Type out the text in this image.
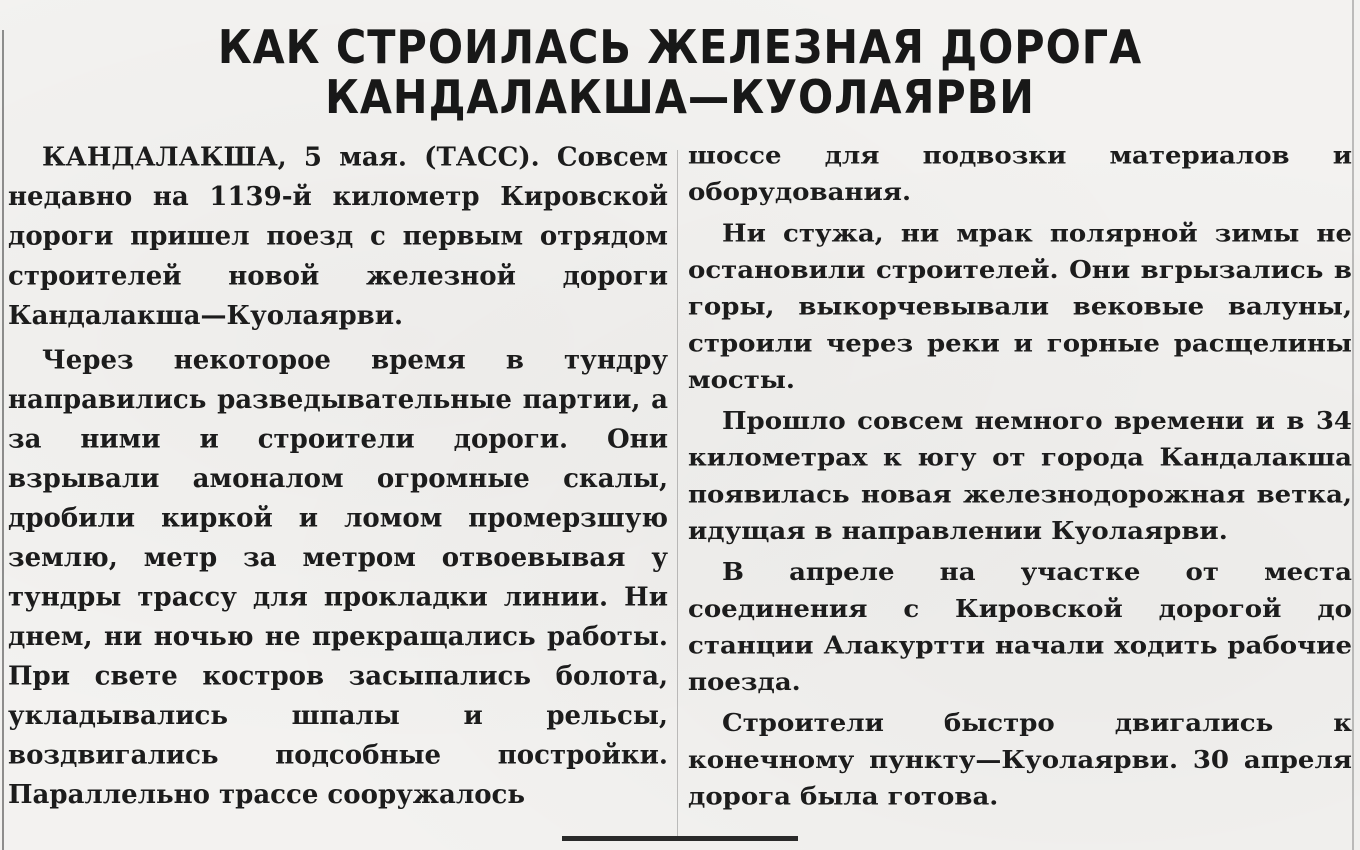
КАК СТРОИЛАСЬ ЖЕЛЕЗНАЯ ДОРОГА
КАНДАЛАКША—КУОЛАЯРВИ

КАНДАЛАКША, 5 мая. (ТАСС). Совсем недавно на 1139-й километр Кировской дороги пришел поезд с первым отрядом строителей новой железной дороги Кандалакша—Куолаярви.

Через некоторое время в тундру направились разведывательные партии, а за ними и строители дороги. Они взрывали амоналом огромные скалы, дробили киркой и ломом промерзшую землю, метр за метром отвоевывая у тундры трассу для прокладки линии. Ни днем, ни ночью не прекращались работы. При свете костров засыпались болота, укладывались шпалы и рельсы, воздвигались подсобные постройки. Параллельно трассе сооружалось

шоссе для подвозки материалов и оборудования.

Ни стужа, ни мрак полярной зимы не остановили строителей. Они вгрызались в горы, выкорчевывали вековые валуны, строили через реки и горные расщелины мосты.

Прошло совсем немного времени и в 34 километрах к югу от города Кандалакша появилась новая железнодорожная ветка, идущая в направлении Куолаярви.

В апреле на участке от места соединения с Кировской дорогой до станции Алакуртти начали ходить рабочие поезда.

Строители быстро двигались к конечному пункту—Куолаярви. 30 апреля дорога была готова.
